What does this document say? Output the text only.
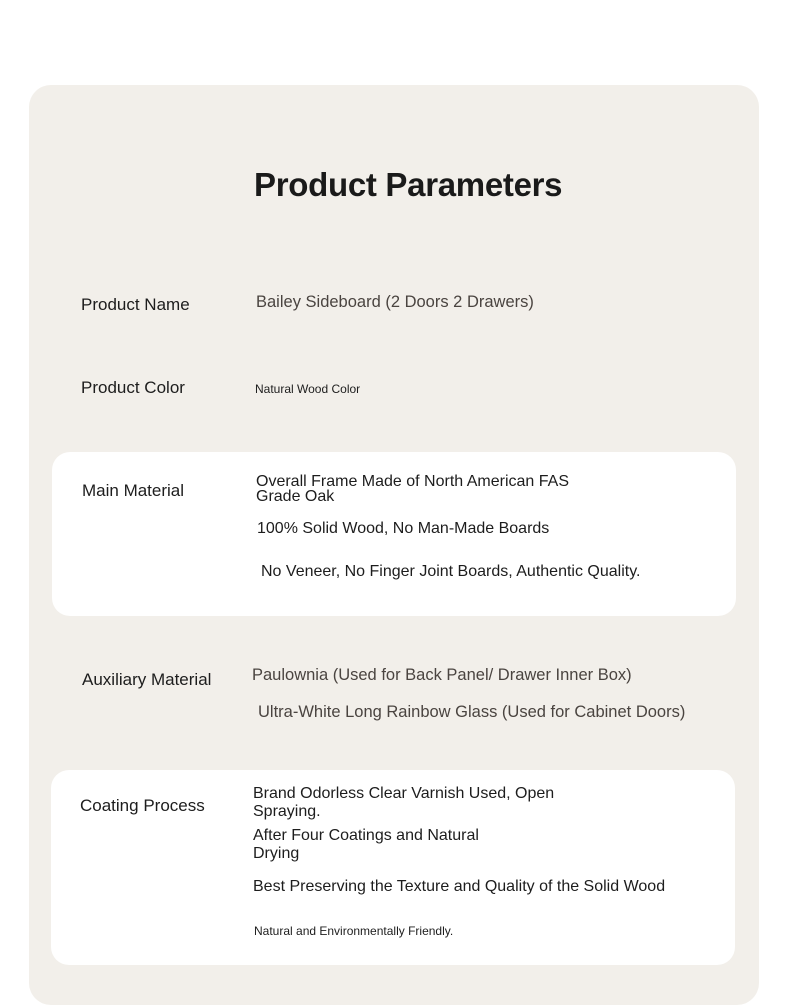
Product Parameters
Product Name	Bailey Sideboard (2 Doors 2 Drawers)
Product Color	Natural Wood Color
Main Material	Overall Frame Made of North American FAS Grade Oak
100% Solid Wood, No Man-Made Boards
No Veneer, No Finger Joint Boards, Authentic Quality.
Auxiliary Material Paulownia (Used for Back Panel/ Drawer Inner Box)
Ultra-White Long Rainbow Glass (Used for Cabinet Doors)
Coating Process
Brand Odorless Clear Varnish Used, Open Spraying.
After Four Coatings and Natural Drying
Best Preserving the Texture and Quality of the Solid Wood
Natural and Environmentally Friendly.
